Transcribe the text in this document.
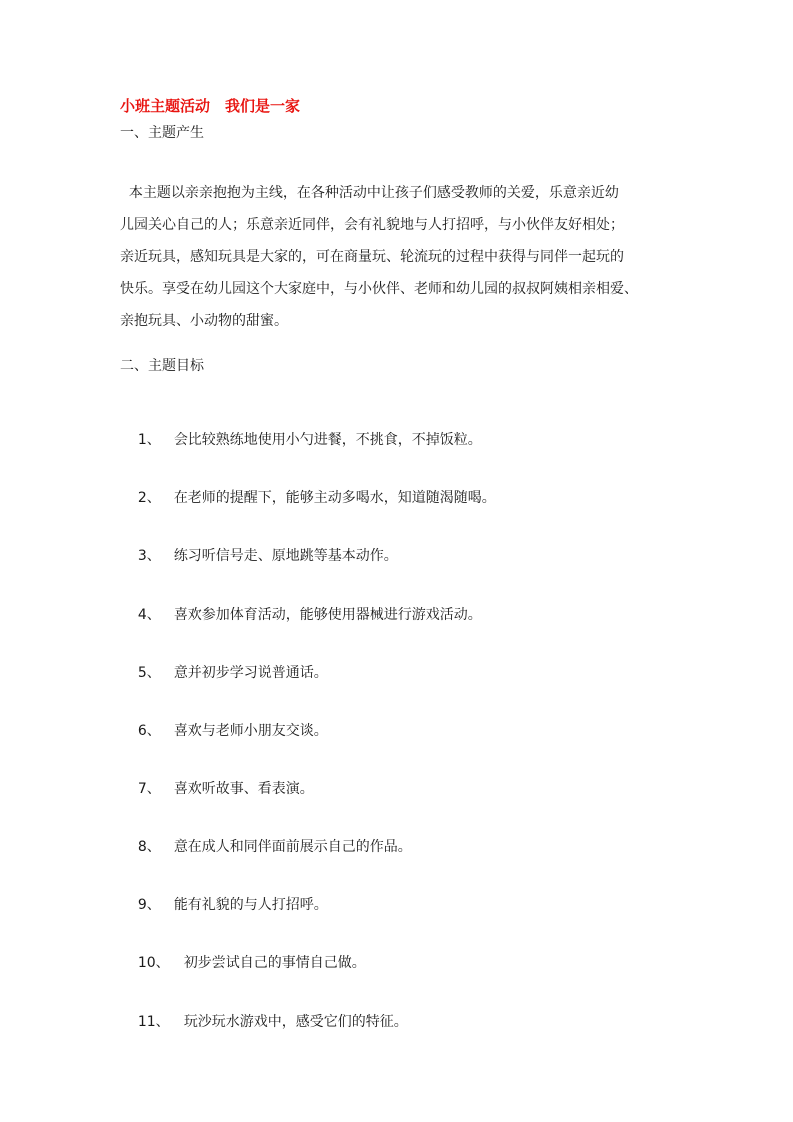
小班主题活动　我们是一家
一、主题产生
本主题以亲亲抱抱为主线，在各种活动中让孩子们感受教师的关爱，乐意亲近幼
儿园关心自己的人；乐意亲近同伴，会有礼貌地与人打招呼，与小伙伴友好相处；
亲近玩具，感知玩具是大家的，可在商量玩、轮流玩的过程中获得与同伴一起玩的
快乐。享受在幼儿园这个大家庭中，与小伙伴、老师和幼儿园的叔叔阿姨相亲相爱、
亲抱玩具、小动物的甜蜜。
二、主题目标

1、 会比较熟练地使用小勺进餐，不挑食，不掉饭粒。

2、 在老师的提醒下，能够主动多喝水，知道随渴随喝。

3、 练习听信号走、原地跳等基本动作。

4、 喜欢参加体育活动，能够使用器械进行游戏活动。

5、 意并初步学习说普通话。

6、 喜欢与老师小朋友交谈。

7、 喜欢听故事、看表演。

8、 意在成人和同伴面前展示自己的作品。

9、 能有礼貌的与人打招呼。

10、 初步尝试自己的事情自己做。

11、 玩沙玩水游戏中，感受它们的特征。
